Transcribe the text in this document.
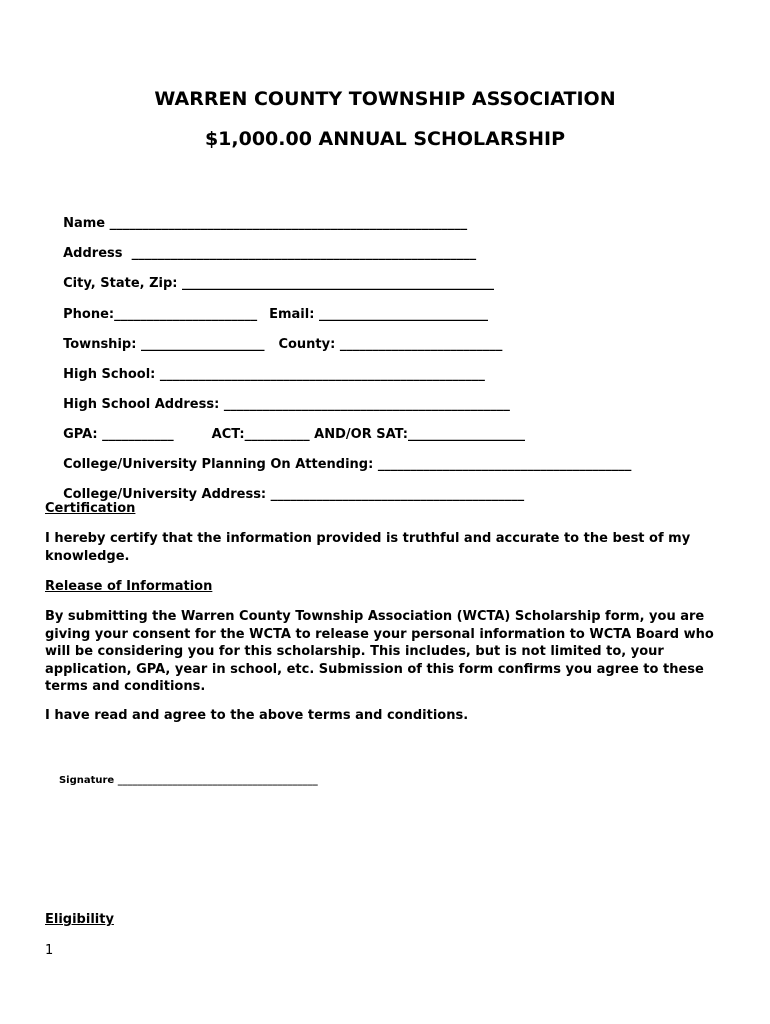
WARREN COUNTY TOWNSHIP ASSOCIATION
$1,000.00 ANNUAL SCHOLARSHIP

Name _______________________________________________________

Address _____________________________________________________

City, State, Zip: ________________________________________________

Phone:______________________ Email: __________________________

Township: ___________________ County: _________________________

High School: __________________________________________________

High School Address: ____________________________________________

GPA: ___________	ACT:__________ AND/OR SAT:__________________

College/University Planning On Attending: _______________________________________

College/University Address: _______________________________________

Certification
I hereby certify that the information provided is truthful and accurate to the best of my knowledge.
Release of Information
By submitting the Warren County Township Association (WCTA) Scholarship form, you are giving your consent for the WCTA to release your personal information to WCTA Board who will be considering you for this scholarship. This includes, but is not limited to, your application, GPA, year in school, etc. Submission of this form confirms you agree to these terms and conditions.
I have read and agree to the above terms and conditions.

Signature ________________________________________

Eligibility
1
